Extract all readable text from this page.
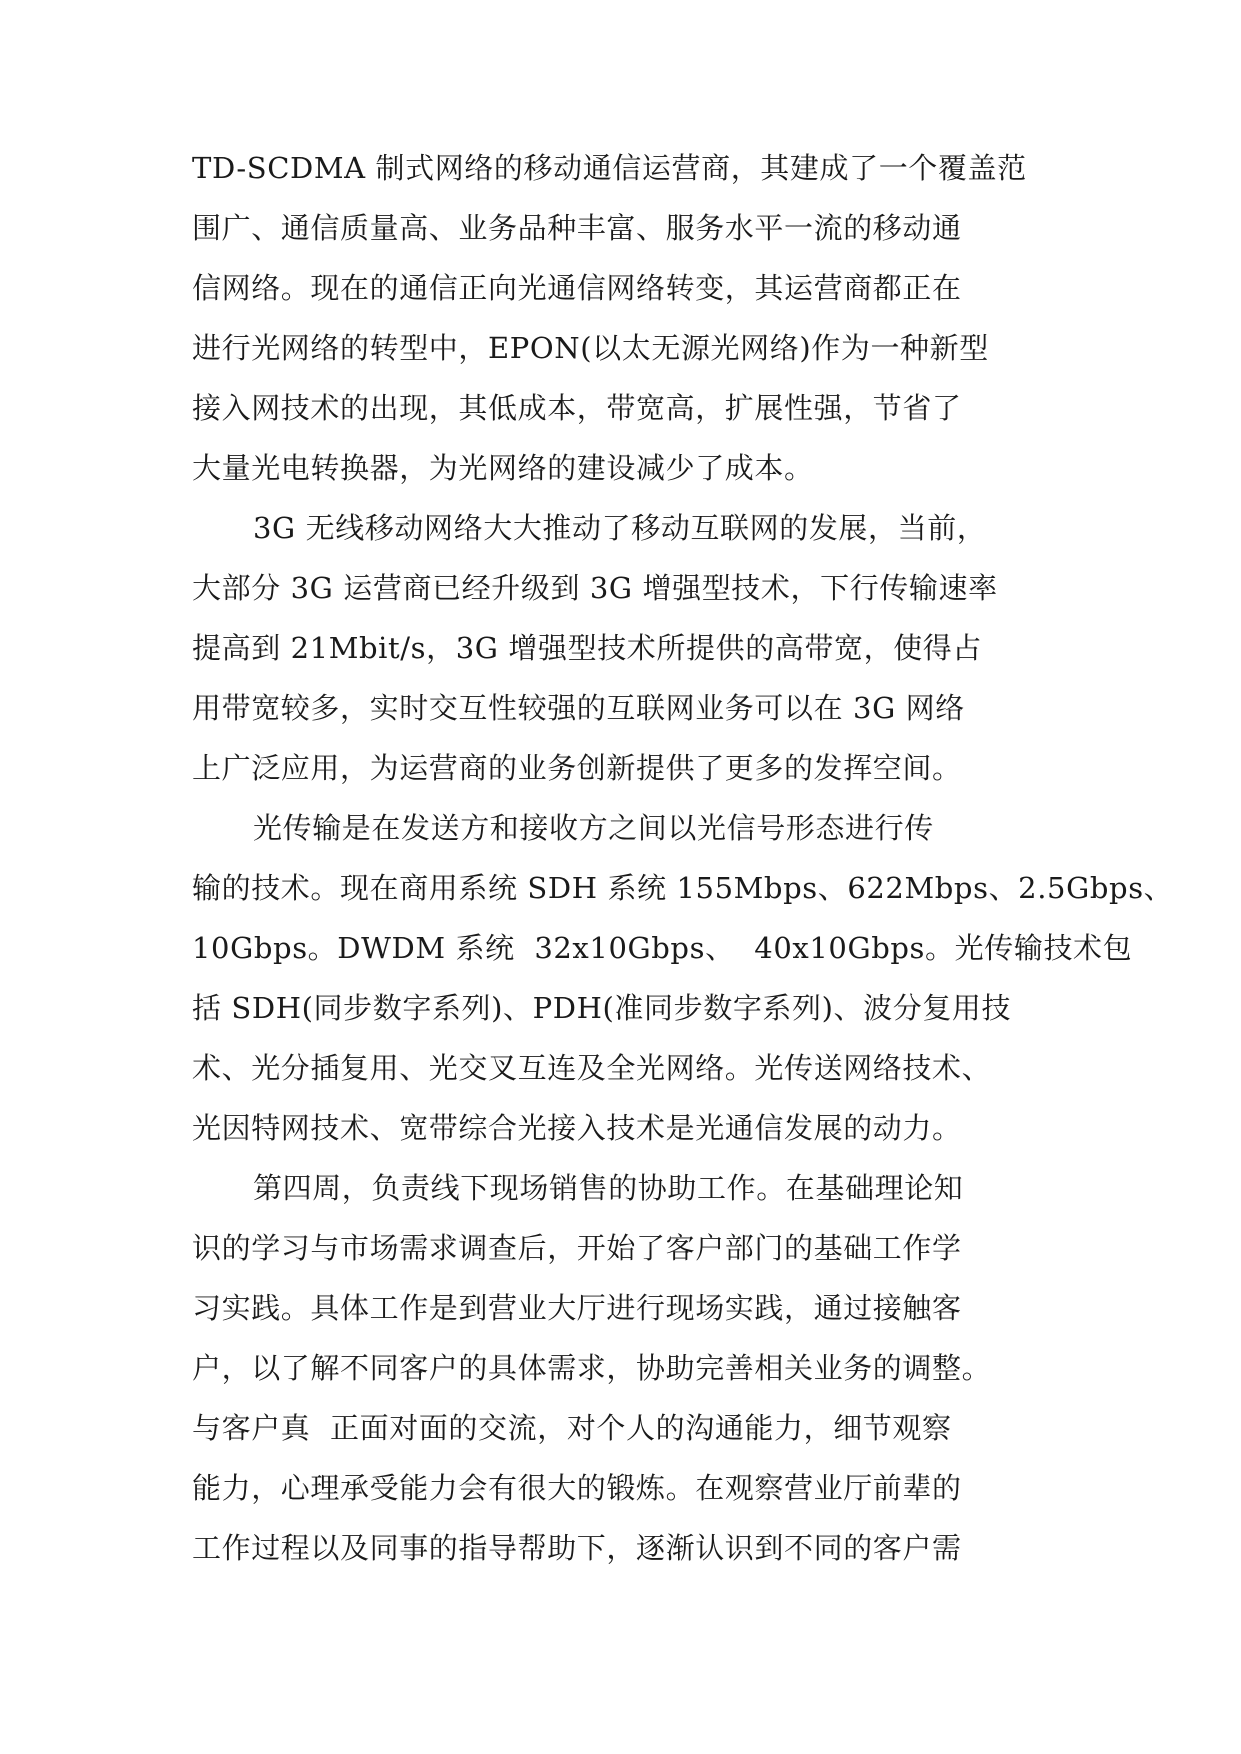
TD-SCDMA 制式网络的移动通信运营商，其建成了一个覆盖范
围广、通信质量高、业务品种丰富、服务水平一流的移动通
信网络。现在的通信正向光通信网络转变，其运营商都正在
进行光网络的转型中，EPON(以太无源光网络)作为一种新型
接入网技术的出现，其低成本，带宽高，扩展性强，节省了
大量光电转换器，为光网络的建设减少了成本。
3G 无线移动网络大大推动了移动互联网的发展，当前，
大部分 3G 运营商已经升级到 3G 增强型技术，下行传输速率
提高到 21Mbit/s，3G 增强型技术所提供的高带宽，使得占
用带宽较多，实时交互性较强的互联网业务可以在 3G 网络
上广泛应用，为运营商的业务创新提供了更多的发挥空间。
光传输是在发送方和接收方之间以光信号形态进行传
输的技术。现在商用系统 SDH 系统 155Mbps、622Mbps、2.5Gbps、
10Gbps。DWDM 系统  32x10Gbps、  40x10Gbps。光传输技术包
括 SDH(同步数字系列)、PDH(准同步数字系列)、波分复用技
术、光分插复用、光交叉互连及全光网络。光传送网络技术、
光因特网技术、宽带综合光接入技术是光通信发展的动力。
第四周，负责线下现场销售的协助工作。在基础理论知
识的学习与市场需求调查后，开始了客户部门的基础工作学
习实践。具体工作是到营业大厅进行现场实践，通过接触客
户，以了解不同客户的具体需求，协助完善相关业务的调整。
与客户真  正面对面的交流，对个人的沟通能力，细节观察
能力，心理承受能力会有很大的锻炼。在观察营业厅前辈的
工作过程以及同事的指导帮助下，逐渐认识到不同的客户需
